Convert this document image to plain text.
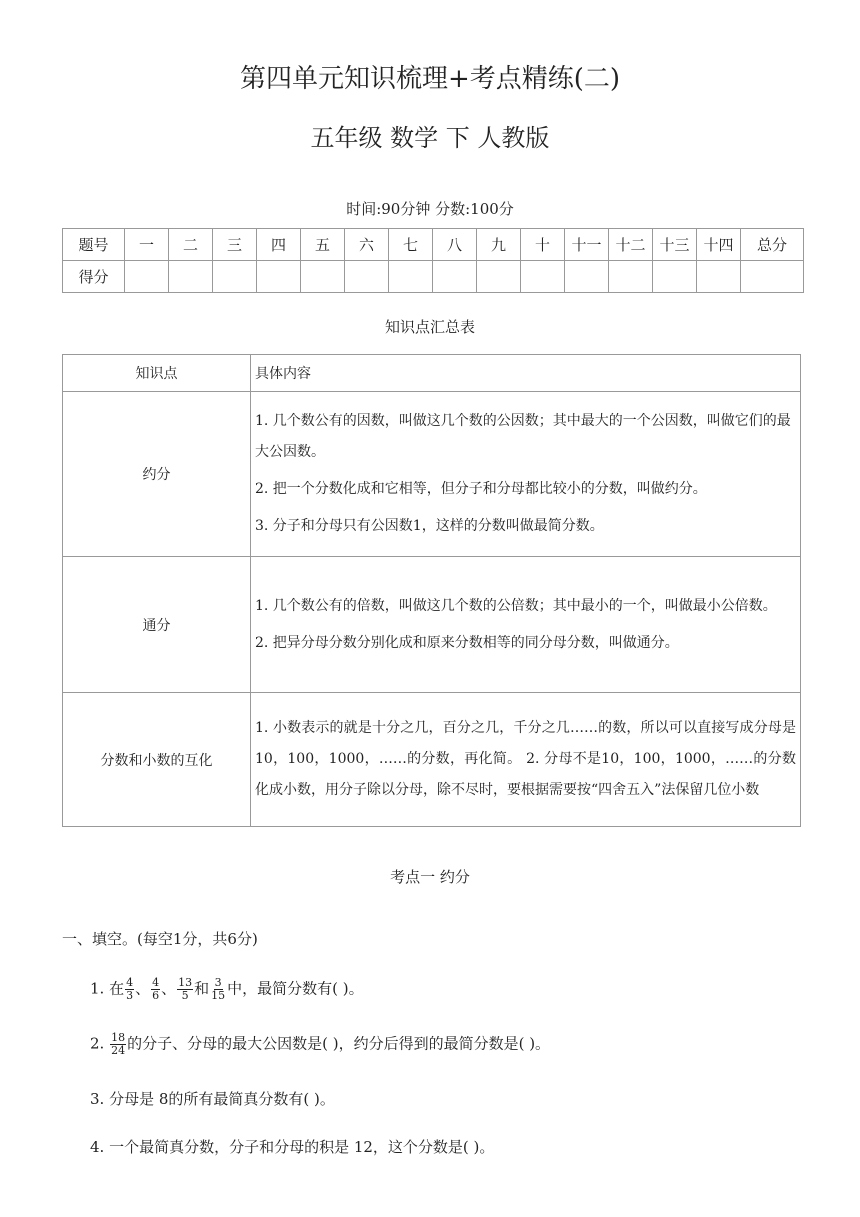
第四单元知识梳理+考点精练(二)
五年级 数学 下 人教版
时间:90分钟 分数:100分
题号	一	二	三	四	五	六	七	八	九	十	十一	十二	十三	十四	总分
得分															
知识点汇总表
知识点	具体内容
约分	1. 几个数公有的因数，叫做这几个数的公因数；其中最大的一个公因数，叫做它们的最大公因数。

2. 把一个分数化成和它相等，但分子和分母都比较小的分数，叫做约分。

3. 分子和分母只有公因数1，这样的分数叫做最简分数。

通分	1. 几个数公有的倍数，叫做这几个数的公倍数；其中最小的一个，叫做最小公倍数。

2. 把异分母分数分别化成和原来分数相等的同分母分数，叫做通分。

分数和小数的互化	1. 小数表示的就是十分之几，百分之几，千分之几……的数，所以可以直接写成分母是10，100，1000，……的分数，再化简。 2. 分母不是10，100，1000，……的分数化成小数，用分子除以分母，除不尽时，要根据需要按“四舍五入”法保留几位小数

考点一 约分
一、填空。(每空1分，共6分)
1. 在 $\frac{4}{3}$ 、 $\frac{4}{6}$ 、 $\frac{13}{5}$ 和 $\frac{3}{15}$ 中，最简分数有( )。
2. $\frac{18}{24}$ 的分子、分母的最大公因数是( )，约分后得到的最简分数是( )。
3. 分母是 8的所有最简真分数有( )。
4. 一个最简真分数，分子和分母的积是 12，这个分数是( )。
